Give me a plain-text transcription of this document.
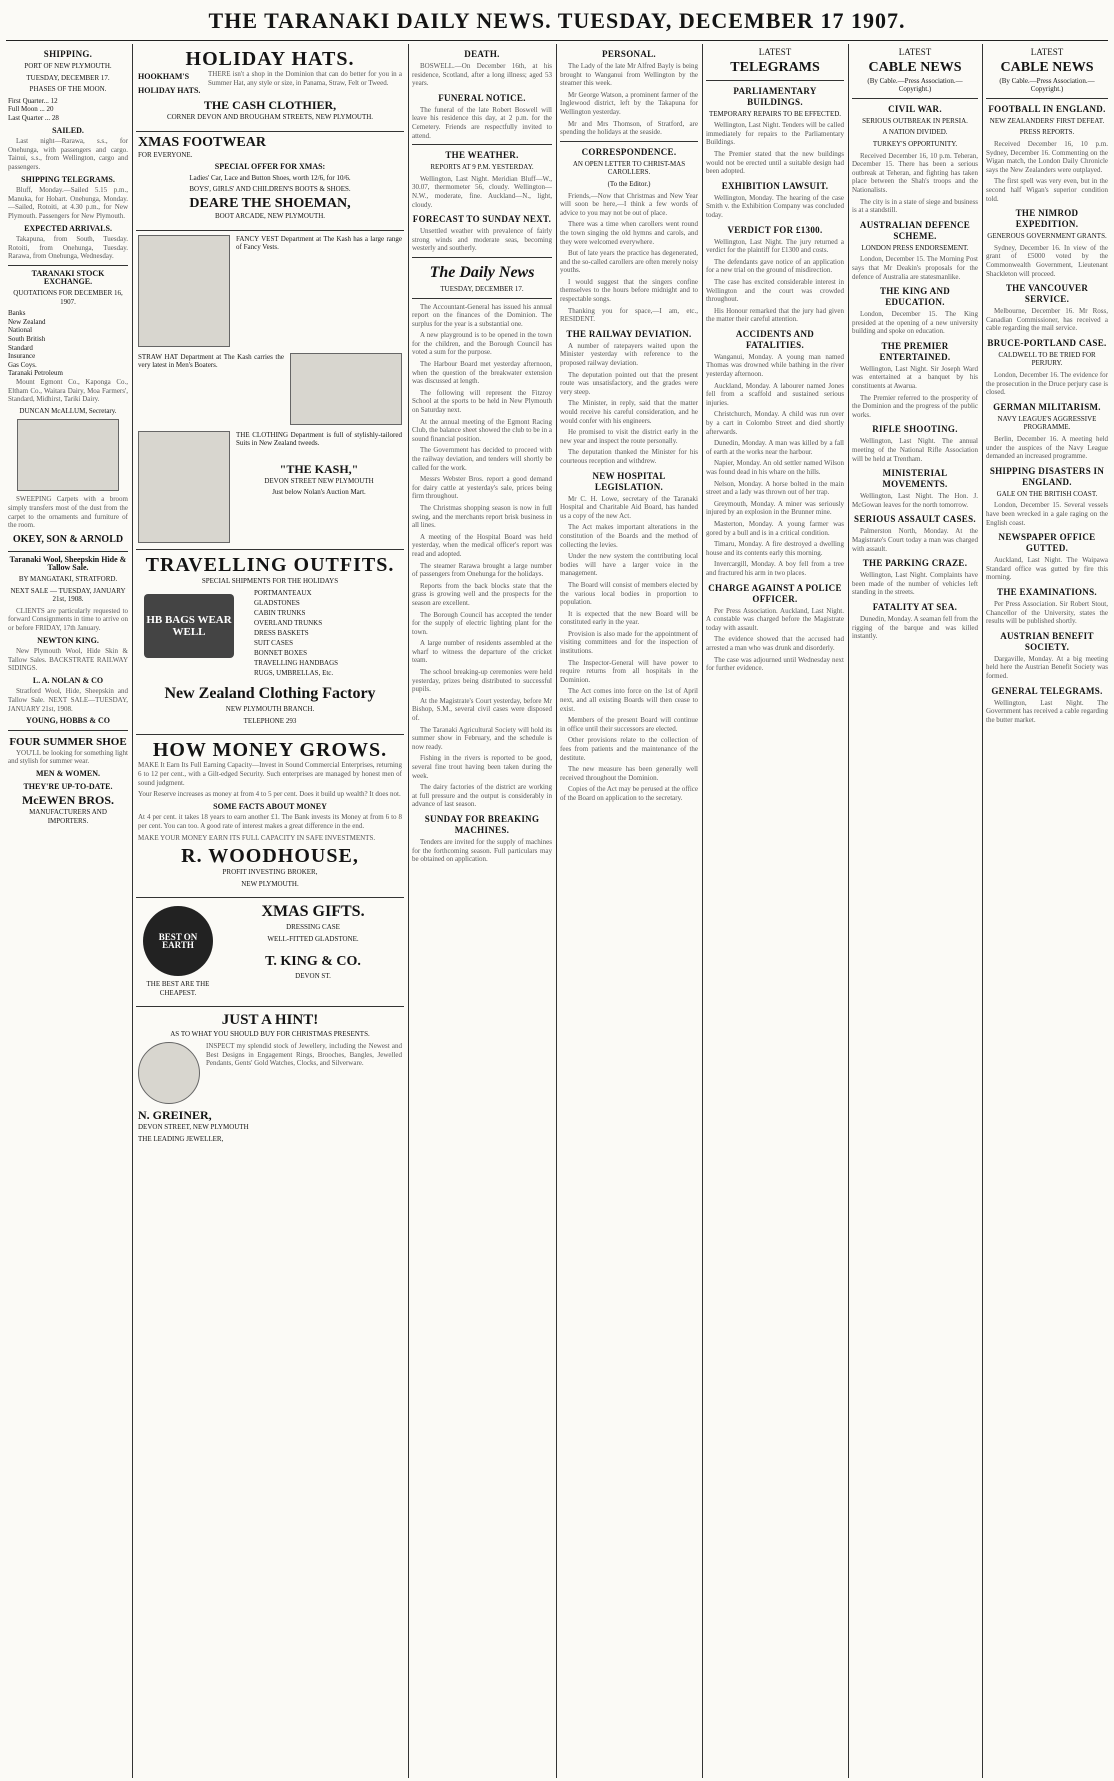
THE TARANAKI DAILY NEWS. TUESDAY, DECEMBER 17 1907.
SHIPPING.
PORT OF NEW PLYMOUTH.
TUESDAY, DECEMBER 17.
PHASES OF THE MOON.
First Quarter... 12
Full Moon ... 20
Last Quarter ... 28
SAILED.

Last night—Rarawa, s.s., for Onehunga, with passengers and cargo. Tainui, s.s., from Wellington, cargo and passengers.

SHIPPING TELEGRAMS.

Bluff, Monday.—Sailed 5.15 p.m., Manuka, for Hobart. Onehunga, Monday.—Sailed, Rotoiti, at 4.30 p.m., for New Plymouth. Passengers for New Plymouth.

EXPECTED ARRIVALS.

Takapuna, from South, Tuesday. Rotoiti, from Onehunga, Tuesday. Rarawa, from Onehunga, Wednesday.

TARANAKI STOCK EXCHANGE.
QUOTATIONS FOR DECEMBER 16, 1907.
Banks
New Zealand
National
South British
Standard
Insurance
Gas Coys.
Taranaki Petroleum

Mount Egmont Co., Kaponga Co., Eltham Co., Waitara Dairy, Moa Farmers', Standard, Midhirst, Tariki Dairy.

DUNCAN McALLUM, Secretary.

SWEEPING Carpets with a broom simply transfers most of the dust from the carpet to the ornaments and furniture of the room.

OKEY, SON & ARNOLD
Taranaki Wool, Sheepskin Hide & Tallow Sale.
BY MANGATAKI, STRATFORD.
NEXT SALE — TUESDAY, JANUARY 21st, 1908.

CLIENTS are particularly requested to forward Consignments in time to arrive on or before FRIDAY, 17th January.

NEWTON KING.

New Plymouth Wool, Hide Skin & Tallow Sales. BACKSTRATE RAILWAY SIDINGS.

L. A. NOLAN & CO

Stratford Wool, Hide, Sheepskin and Tallow Sale. NEXT SALE—TUESDAY, JANUARY 21st, 1908.

YOUNG, HOBBS & CO
FOUR SUMMER SHOE

YOU'LL be looking for something light and stylish for summer wear.

MEN & WOMEN.
THEY'RE UP-TO-DATE.
McEWEN BROS.
MANUFACTURERS AND IMPORTERS.
HOLIDAY HATS.
HOOKHAM'S HOLIDAY HATS.

THERE isn't a shop in the Dominion that can do better for you in a Summer Hat, any style or size, in Panama, Straw, Felt or Tweed.

THE CASH CLOTHIER,
CORNER DEVON AND BROUGHAM STREETS, NEW PLYMOUTH.
XMAS FOOTWEAR
FOR EVERYONE.
SPECIAL OFFER FOR XMAS:
Ladies' Car, Lace and Button Shoes, worth 12/6, for 10/6.
BOYS', GIRLS' AND CHILDREN'S BOOTS & SHOES.
DEARE THE SHOEMAN,
BOOT ARCADE, NEW PLYMOUTH.

FANCY VEST Department at The Kash has a large range of Fancy Vests.

STRAW HAT Department at The Kash carries the very latest in Men's Boaters.

THE CLOTHING Department is full of stylishly-tailored Suits in New Zealand tweeds.

"THE KASH,"
DEVON STREET NEW PLYMOUTH
Just below Nolan's Auction Mart.
TRAVELLING OUTFITS.
SPECIAL SHIPMENTS FOR THE HOLIDAYS
HB BAGS WEAR WELL
PORTMANTEAUX
GLADSTONES
CABIN TRUNKS
OVERLAND TRUNKS
DRESS BASKETS
SUIT CASES
BONNET BOXES
TRAVELLING HANDBAGS
RUGS, UMBRELLAS, Etc.
New Zealand Clothing Factory
NEW PLYMOUTH BRANCH.
TELEPHONE 293
HOW MONEY GROWS.

MAKE It Earn Its Full Earning Capacity—Invest in Sound Commercial Enterprises, returning 6 to 12 per cent., with a Gilt-edged Security. Such enterprises are managed by honest men of sound judgment.

Your Reserve increases as money at from 4 to 5 per cent. Does it build up wealth? It does not.

SOME FACTS ABOUT MONEY

At 4 per cent. it takes 18 years to earn another £1. The Bank invests its Money at from 6 to 8 per cent. You can too. A good rate of interest makes a great difference in the end.

MAKE YOUR MONEY EARN ITS FULL CAPACITY IN SAFE INVESTMENTS.

R. WOODHOUSE,
PROFIT INVESTING BROKER,
NEW PLYMOUTH.
BEST ON EARTH
THE BEST ARE THE CHEAPEST.
XMAS GIFTS.
DRESSING CASE
WELL-FITTED GLADSTONE.
T. KING & CO.
DEVON ST.
JUST A HINT!
AS TO WHAT YOU SHOULD BUY FOR CHRISTMAS PRESENTS.

INSPECT my splendid stock of Jewellery, including the Newest and Best Designs in Engagement Rings, Brooches, Bangles, Jewelled Pendants, Gents' Gold Watches, Clocks, and Silverware.

N. GREINER,
DEVON STREET, NEW PLYMOUTH
THE LEADING JEWELLER,
DEATH.

BOSWELL.—On December 16th, at his residence, Scotland, after a long illness; aged 53 years.

FUNERAL NOTICE.

The funeral of the late Robert Boswell will leave his residence this day, at 2 p.m. for the Cemetery. Friends are respectfully invited to attend.

THE WEATHER.
REPORTS AT 9 P.M. YESTERDAY.

Wellington, Last Night. Meridian Bluff—W., 30.07, thermometer 56, cloudy. Wellington—N.W., moderate, fine. Auckland—N., light, cloudy.

FORECAST TO SUNDAY NEXT.

Unsettled weather with prevalence of fairly strong winds and moderate seas, becoming westerly and southerly.

The Daily News
TUESDAY, DECEMBER 17.

The Accountant-General has issued his annual report on the finances of the Dominion. The surplus for the year is a substantial one.

A new playground is to be opened in the town for the children, and the Borough Council has voted a sum for the purpose.

The Harbour Board met yesterday afternoon, when the question of the breakwater extension was discussed at length.

The following will represent the Fitzroy School at the sports to be held in New Plymouth on Saturday next.

At the annual meeting of the Egmont Racing Club, the balance sheet showed the club to be in a sound financial position.

The Government has decided to proceed with the railway deviation, and tenders will shortly be called for the work.

Messrs Webster Bros. report a good demand for dairy cattle at yesterday's sale, prices being firm throughout.

The Christmas shopping season is now in full swing, and the merchants report brisk business in all lines.

A meeting of the Hospital Board was held yesterday, when the medical officer's report was read and adopted.

The steamer Rarawa brought a large number of passengers from Onehunga for the holidays.

Reports from the back blocks state that the grass is growing well and the prospects for the season are excellent.

The Borough Council has accepted the tender for the supply of electric lighting plant for the town.

A large number of residents assembled at the wharf to witness the departure of the cricket team.

The school breaking-up ceremonies were held yesterday, prizes being distributed to successful pupils.

At the Magistrate's Court yesterday, before Mr Bishop, S.M., several civil cases were disposed of.

The Taranaki Agricultural Society will hold its summer show in February, and the schedule is now ready.

Fishing in the rivers is reported to be good, several fine trout having been taken during the week.

The dairy factories of the district are working at full pressure and the output is considerably in advance of last season.

SUNDAY FOR BREAKING MACHINES.

Tenders are invited for the supply of machines for the forthcoming season. Full particulars may be obtained on application.

PERSONAL.

The Lady of the late Mr Alfred Bayly is being brought to Wanganui from Wellington by the steamer this week.

Mr George Watson, a prominent farmer of the Inglewood district, left by the Takapuna for Wellington yesterday.

Mr and Mrs Thomson, of Stratford, are spending the holidays at the seaside.

CORRESPONDENCE.
AN OPEN LETTER TO CHRIST-MAS CAROLLERS.
(To the Editor.)

Friends,—Now that Christmas and New Year will soon be here,—I think a few words of advice to you may not be out of place.

There was a time when carollers went round the town singing the old hymns and carols, and they were welcomed everywhere.

But of late years the practice has degenerated, and the so-called carollers are often merely noisy youths.

I would suggest that the singers confine themselves to the hours before midnight and to respectable songs.

Thanking you for space,—I am, etc., RESIDENT.

THE RAILWAY DEVIATION.

A number of ratepayers waited upon the Minister yesterday with reference to the proposed railway deviation.

The deputation pointed out that the present route was unsatisfactory, and the grades were very steep.

The Minister, in reply, said that the matter would receive his careful consideration, and he would confer with his engineers.

He promised to visit the district early in the new year and inspect the route personally.

The deputation thanked the Minister for his courteous reception and withdrew.

NEW HOSPITAL LEGISLATION.

Mr C. H. Lowe, secretary of the Taranaki Hospital and Charitable Aid Board, has handed us a copy of the new Act.

The Act makes important alterations in the constitution of the Boards and the method of collecting the levies.

Under the new system the contributing local bodies will have a larger voice in the management.

The Board will consist of members elected by the various local bodies in proportion to population.

It is expected that the new Board will be constituted early in the year.

Provision is also made for the appointment of visiting committees and for the inspection of institutions.

The Inspector-General will have power to require returns from all hospitals in the Dominion.

The Act comes into force on the 1st of April next, and all existing Boards will then cease to exist.

Members of the present Board will continue in office until their successors are elected.

Other provisions relate to the collection of fees from patients and the maintenance of the destitute.

The new measure has been generally well received throughout the Dominion.

Copies of the Act may be perused at the office of the Board on application to the secretary.

LATEST
TELEGRAMS
PARLIAMENTARY BUILDINGS.
TEMPORARY REPAIRS TO BE EFFECTED.

Wellington, Last Night. Tenders will be called immediately for repairs to the Parliamentary Buildings.

The Premier stated that the new buildings would not be erected until a suitable design had been adopted.

EXHIBITION LAWSUIT.

Wellington, Monday. The hearing of the case Smith v. the Exhibition Company was concluded today.

VERDICT FOR £1300.

Wellington, Last Night. The jury returned a verdict for the plaintiff for £1300 and costs.

The defendants gave notice of an application for a new trial on the ground of misdirection.

The case has excited considerable interest in Wellington and the court was crowded throughout.

His Honour remarked that the jury had given the matter their careful attention.

ACCIDENTS AND FATALITIES.

Wanganui, Monday. A young man named Thomas was drowned while bathing in the river yesterday afternoon.

Auckland, Monday. A labourer named Jones fell from a scaffold and sustained serious injuries.

Christchurch, Monday. A child was run over by a cart in Colombo Street and died shortly afterwards.

Dunedin, Monday. A man was killed by a fall of earth at the works near the harbour.

Napier, Monday. An old settler named Wilson was found dead in his whare on the hills.

Nelson, Monday. A horse bolted in the main street and a lady was thrown out of her trap.

Greymouth, Monday. A miner was seriously injured by an explosion in the Brunner mine.

Masterton, Monday. A young farmer was gored by a bull and is in a critical condition.

Timaru, Monday. A fire destroyed a dwelling house and its contents early this morning.

Invercargill, Monday. A boy fell from a tree and fractured his arm in two places.

CHARGE AGAINST A POLICE OFFICER.

Per Press Association. Auckland, Last Night. A constable was charged before the Magistrate today with assault.

The evidence showed that the accused had arrested a man who was drunk and disorderly.

The case was adjourned until Wednesday next for further evidence.

LATEST
CABLE NEWS
(By Cable.—Press Association.—Copyright.)
CIVIL WAR.
SERIOUS OUTBREAK IN PERSIA.
A NATION DIVIDED.
TURKEY'S OPPORTUNITY.

Received December 16, 10 p.m. Teheran, December 15. There has been a serious outbreak at Teheran, and fighting has taken place between the Shah's troops and the Nationalists.

The city is in a state of siege and business is at a standstill.

AUSTRALIAN DEFENCE SCHEME.
LONDON PRESS ENDORSEMENT.

London, December 15. The Morning Post says that Mr Deakin's proposals for the defence of Australia are statesmanlike.

THE KING AND EDUCATION.

London, December 15. The King presided at the opening of a new university building and spoke on education.

THE PREMIER ENTERTAINED.

Wellington, Last Night. Sir Joseph Ward was entertained at a banquet by his constituents at Awarua.

The Premier referred to the prosperity of the Dominion and the progress of the public works.

RIFLE SHOOTING.

Wellington, Last Night. The annual meeting of the National Rifle Association will be held at Trentham.

MINISTERIAL MOVEMENTS.

Wellington, Last Night. The Hon. J. McGowan leaves for the north tomorrow.

SERIOUS ASSAULT CASES.

Palmerston North, Monday. At the Magistrate's Court today a man was charged with assault.

THE PARKING CRAZE.

Wellington, Last Night. Complaints have been made of the number of vehicles left standing in the streets.

FATALITY AT SEA.

Dunedin, Monday. A seaman fell from the rigging of the barque and was killed instantly.

LATEST
CABLE NEWS
(By Cable.—Press Association.—Copyright.)
FOOTBALL IN ENGLAND.
NEW ZEALANDERS' FIRST DEFEAT.
PRESS REPORTS.

Received December 16, 10 p.m. Sydney, December 16. Commenting on the Wigan match, the London Daily Chronicle says the New Zealanders were outplayed.

The first spell was very even, but in the second half Wigan's superior condition told.

THE NIMROD EXPEDITION.
GENEROUS GOVERNMENT GRANTS.

Sydney, December 16. In view of the grant of £5000 voted by the Commonwealth Government, Lieutenant Shackleton will proceed.

THE VANCOUVER SERVICE.

Melbourne, December 16. Mr Ross, Canadian Commissioner, has received a cable regarding the mail service.

BRUCE-PORTLAND CASE.
CALDWELL TO BE TRIED FOR PERJURY.

London, December 16. The evidence for the prosecution in the Druce perjury case is closed.

GERMAN MILITARISM.
NAVY LEAGUE'S AGGRESSIVE PROGRAMME.

Berlin, December 16. A meeting held under the auspices of the Navy League demanded an increased programme.

SHIPPING DISASTERS IN ENGLAND.
GALE ON THE BRITISH COAST.

London, December 15. Several vessels have been wrecked in a gale raging on the English coast.

NEWSPAPER OFFICE GUTTED.

Auckland, Last Night. The Waipawa Standard office was gutted by fire this morning.

THE EXAMINATIONS.

Per Press Association. Sir Robert Stout, Chancellor of the University, states the results will be published shortly.

AUSTRIAN BENEFIT SOCIETY.

Dargaville, Monday. At a big meeting held here the Austrian Benefit Society was formed.

GENERAL TELEGRAMS.

Wellington, Last Night. The Government has received a cable regarding the butter market.
